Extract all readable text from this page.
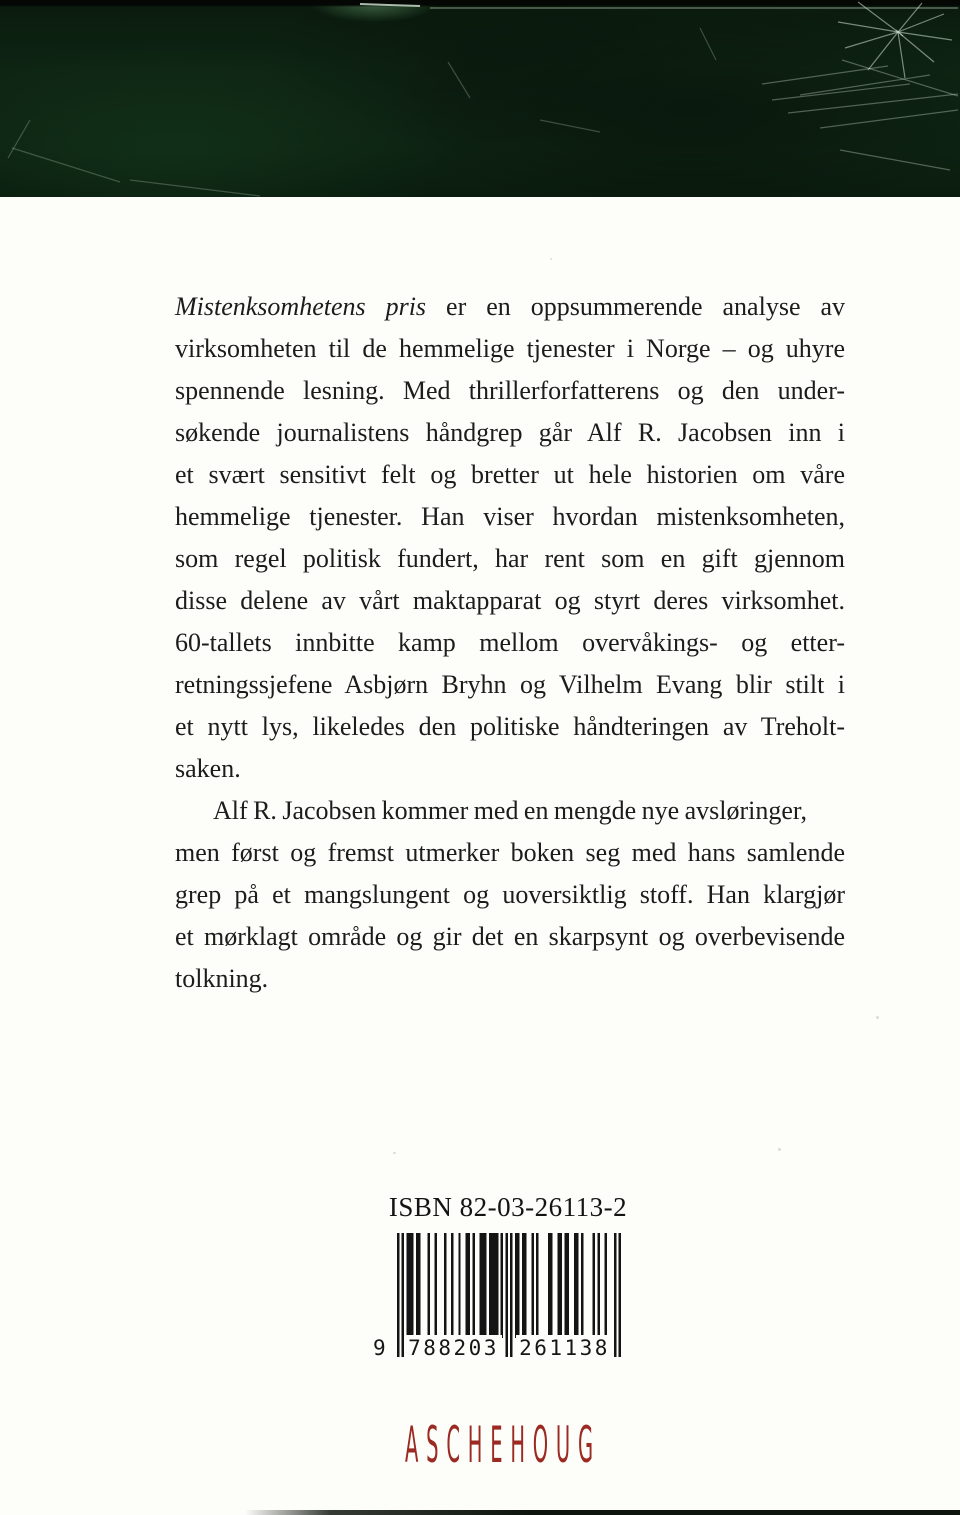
Mistenksomhetens pris er en oppsummerende analyse av
virksomheten til de hemmelige tjenester i Norge – og uhyre
spennende lesning. Med thrillerforfatterens og den under-
søkende journalistens håndgrep går Alf R. Jacobsen inn i
et svært sensitivt felt og bretter ut hele historien om våre
hemmelige tjenester. Han viser hvordan mistenksomheten,
som regel politisk fundert, har rent som en gift gjennom
disse delene av vårt maktapparat og styrt deres virksomhet.
60-tallets innbitte kamp mellom overvåkings- og etter-
retningssjefene Asbjørn Bryhn og Vilhelm Evang blir stilt i
et nytt lys, likeledes den politiske håndteringen av Treholt-
saken.
Alf R. Jacobsen kommer med en mengde nye avsløringer,
men først og fremst utmerker boken seg med hans samlende
grep på et mangslungent og uoversiktlig stoff. Han klargjør
et mørklagt område og gir det en skarpsynt og overbevisende
tolkning.
ISBN 82-03-26113-2
9 788203 261138
ASCHEHOUG
